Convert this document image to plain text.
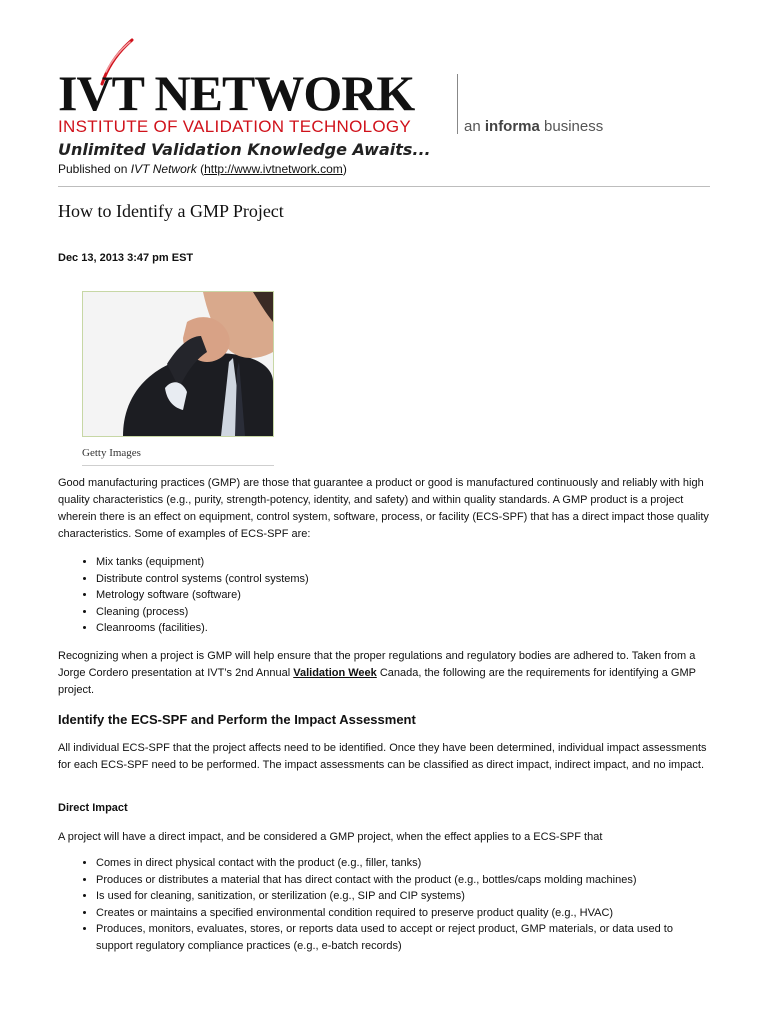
IVT NETWORK
INSTITUTE OF VALIDATION TECHNOLOGY	an informa business
Unlimited Validation Knowledge Awaits...
Published on IVT Network (http://www.ivtnetwork.com)
How to Identify a GMP Project
Dec 13, 2013 3:47 pm EST
Getty Images

Good manufacturing practices (GMP) are those that guarantee a product or good is manufactured continuously and reliably with high quality characteristics (e.g., purity, strength-potency, identity, and safety) and within quality standards. A GMP product is a project wherein there is an effect on equipment, control system, software, process, or facility (ECS-SPF) that has a direct impact those quality characteristics. Some of examples of ECS-SPF are:

• Mix tanks (equipment)
• Distribute control systems (control systems)
• Metrology software (software)
• Cleaning (process)
• Cleanrooms (facilities).

Recognizing when a project is GMP will help ensure that the proper regulations and regulatory bodies are adhered to. Taken from a Jorge Cordero presentation at IVT’s 2nd Annual Validation Week Canada, the following are the requirements for identifying a GMP project.

Identify the ECS-SPF and Perform the Impact Assessment

All individual ECS-SPF that the project affects need to be identified. Once they have been determined, individual impact assessments for each ECS-SPF need to be performed. The impact assessments can be classified as direct impact, indirect impact, and no impact.

Direct Impact

A project will have a direct impact, and be considered a GMP project, when the effect applies to a ECS-SPF that

• Comes in direct physical contact with the product (e.g., filler, tanks)
• Produces or distributes a material that has direct contact with the product (e.g., bottles/caps molding machines)
• Is used for cleaning, sanitization, or sterilization (e.g., SIP and CIP systems)
• Creates or maintains a specified environmental condition required to preserve product quality (e.g., HVAC)
• Produces, monitors, evaluates, stores, or reports data used to accept or reject product, GMP materials, or data used to support regulatory compliance practices (e.g., e-batch records)
